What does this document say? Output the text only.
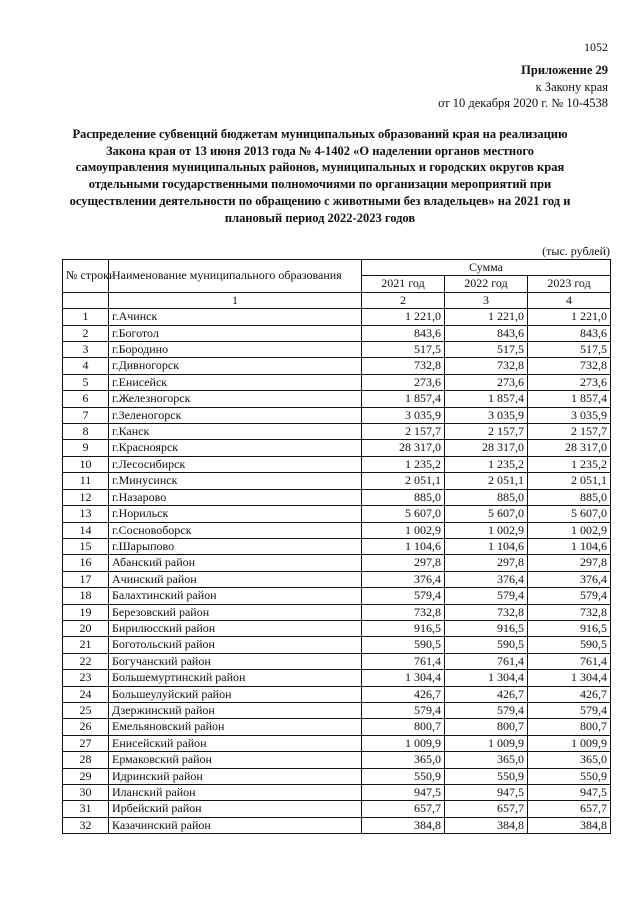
1052
Приложение 29
к Закону края
от 10 декабря 2020 г. № 10-4538
Распределение субвенций бюджетам муниципальных образований края на реализацию Закона края от 13 июня 2013 года № 4-1402 «О наделении органов местного самоуправления муниципальных районов, муниципальных и городских округов края отдельными государственными полномочиями по организации мероприятий при осуществлении деятельности по обращению с животными без владельцев» на 2021 год и плановый период 2022-2023 годов
(тыс. рублей)
№ строки	Наименование муниципального образования	Сумма		
		2021 год	2022 год	2023 год
	1	2	3	4
1	г.Ачинск	1 221,0	1 221,0	1 221,0
2	г.Боготол	843,6	843,6	843,6
3	г.Бородино	517,5	517,5	517,5
4	г.Дивногорск	732,8	732,8	732,8
5	г.Енисейск	273,6	273,6	273,6
6	г.Железногорск	1 857,4	1 857,4	1 857,4
7	г.Зеленогорск	3 035,9	3 035,9	3 035,9
8	г.Канск	2 157,7	2 157,7	2 157,7
9	г.Красноярск	28 317,0	28 317,0	28 317,0
10	г.Лесосибирск	1 235,2	1 235,2	1 235,2
11	г.Минусинск	2 051,1	2 051,1	2 051,1
12	г.Назарово	885,0	885,0	885,0
13	г.Норильск	5 607,0	5 607,0	5 607,0
14	г.Сосновоборск	1 002,9	1 002,9	1 002,9
15	г.Шарыпово	1 104,6	1 104,6	1 104,6
16	Абанский район	297,8	297,8	297,8
17	Ачинский район	376,4	376,4	376,4
18	Балахтинский район	579,4	579,4	579,4
19	Березовский район	732,8	732,8	732,8
20	Бирилюсский район	916,5	916,5	916,5
21	Боготольский район	590,5	590,5	590,5
22	Богучанский район	761,4	761,4	761,4
23	Большемуртинский район	1 304,4	1 304,4	1 304,4
24	Большеулуйский район	426,7	426,7	426,7
25	Дзержинский район	579,4	579,4	579,4
26	Емельяновский район	800,7	800,7	800,7
27	Енисейский район	1 009,9	1 009,9	1 009,9
28	Ермаковский район	365,0	365,0	365,0
29	Идринский район	550,9	550,9	550,9
30	Иланский район	947,5	947,5	947,5
31	Ирбейский район	657,7	657,7	657,7
32	Казачинский район	384,8	384,8	384,8
